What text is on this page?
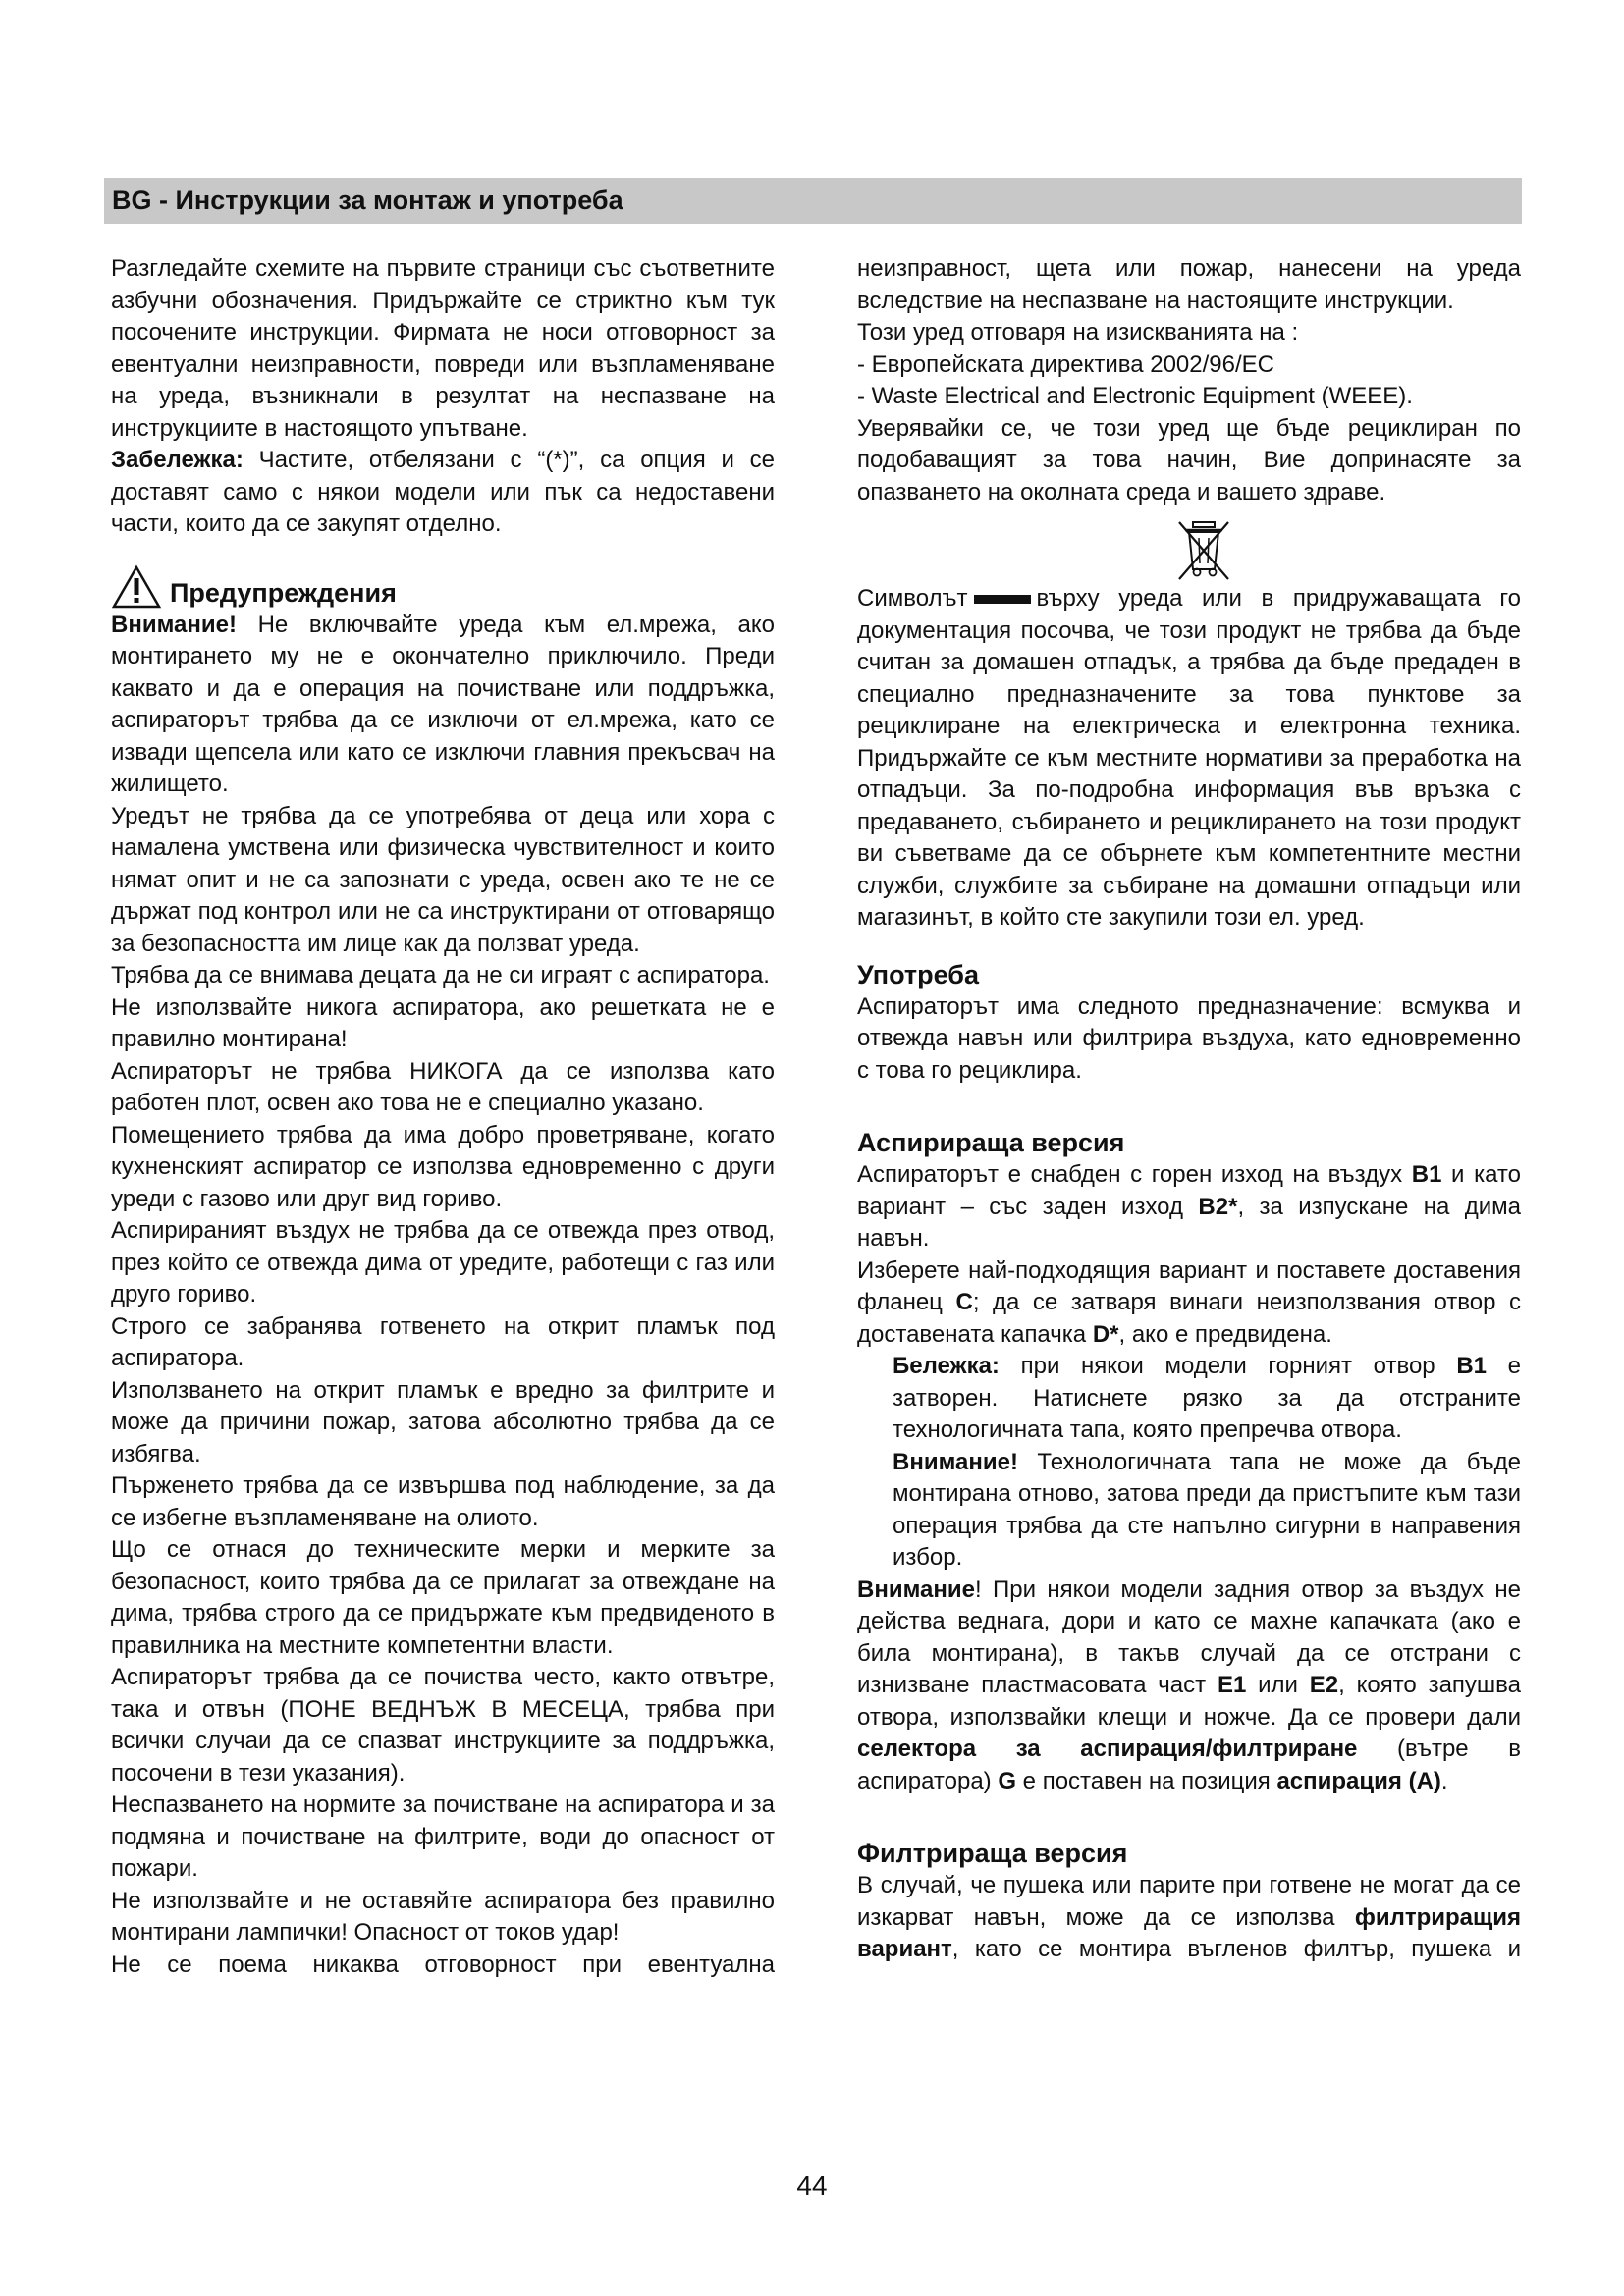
BG - Инструкции за монтаж и употреба

Разгледайте схемите на първите страници със съответните азбучни обозначения. Придържайте се стриктно към тук посочените инструкции. Фирмата не носи отговорност за евентуални неизправности, повреди или възпламеняване на уреда, възникнали в резултат на неспазване на инструкциите в настоящото упътване.

Забележка: Частите, отбелязани с “(*)”, са опция и се доставят само с някои модели или пък са недоставени части, които да се закупят отделно.

Предупреждения

Внимание! Не включвайте уреда към ел.мрежа, ако монтирането му не е окончателно приключило. Преди каквато и да е операция на почистване или поддръжка, аспираторът трябва да се изключи от ел.мрежа, като се извади щепсела или като се изключи главния прекъсвач на жилището.

Уредът не трябва да се употребява от деца или хора с намалена умствена или физическа чувствителност и които нямат опит и не са запознати с уреда, освен ако те не се държат под контрол или не са инструктирани от отговарящо за безопасността им лице как да ползват уреда.

Трябва да се внимава децата да не си играят с аспиратора.

Не използвайте никога аспиратора, ако решетката не е правилно монтирана!

Аспираторът не трябва НИКОГА да се използва като работен плот, освен ако това не е специално указано.

Помещението трябва да има добро проветряване, когато кухненският аспиратор се използва едновременно с други уреди с газово или друг вид гориво.

Аспирираният въздух не трябва да се отвежда през отвод, през който се отвежда дима от уредите, работещи с газ или друго гориво.

Строго се забранява готвенето на открит пламък под аспиратора.

Използването на открит пламък е вредно за филтрите и може да причини пожар, затова абсолютно трябва да се избягва.

Пърженето трябва да се извършва под наблюдение, за да се избегне възпламеняване на олиото.

Що се отнася до техническите мерки и мерките за безопасност, които трябва да се прилагат за отвеждане на дима, трябва строго да се придържате към предвиденото в правилника на местните компетентни власти.

Аспираторът трябва да се почиства често, както отвътре, така и отвън (ПОНЕ ВЕДНЪЖ В МЕСЕЦА, трябва при всички случаи да се спазват инструкциите за поддръжка, посочени в тези указания).

Неспазването на нормите за почистване на аспиратора и за подмяна и почистване на филтрите, води до опасност от пожари.

Не използвайте и не оставяйте аспиратора без правилно монтирани лампички! Опасност от токов удар!

Не се поема никаква отговорност при евентуална

неизправност, щета или пожар, нанесени на уреда вследствие на неспазване на настоящите инструкции.

Този уред отговаря на изискванията на :

- Европейската директива 2002/96/EC

- Waste Electrical and Electronic Equipment (WEEE).

Уверявайки се, че този уред ще бъде рециклиран по подобаващият за това начин, Вие допринасяте за опазването на околната среда и вашето здраве.

Символът	върху уреда или в придружаващата го документация посочва, че този продукт не трябва да бъде считан за домашен отпадък, а трябва да бъде предаден в специално предназначените за това пунктове за рециклиране на електрическа и електронна техника. Придържайте се към местните нормативи за преработка на отпадъци. За по-подробна информация във връзка с предаването, събирането и рециклирането на този продукт ви съветваме да се обърнете към компетентните местни служби, службите за събиране на домашни отпадъци или магазинът, в който сте закупили този ел. уред.

Употреба

Аспираторът има следното предназначение: всмуква и отвежда навън или филтрира въздуха, като едновременно с това го рециклира.

Аспирираща версия

Аспираторът е снабден с горен изход на въздух B1 и като вариант – със заден изход B2*, за изпускане на дима навън.

Изберете най-подходящия вариант и поставете доставения фланец C; да се затваря винаги неизползвания отвор с доставената капачка D*, ако е предвидена.

Бележка: при някои модели горният отвор B1 е затворен. Натиснете рязко за да отстраните технологичната тапа, която препречва отвора.

Внимание! Технологичната тапа не може да бъде монтирана отново, затова преди да пристъпите към тази операция трябва да сте напълно сигурни в направения избор.

Внимание! При някои модели задния отвор за въздух не действа веднага, дори и като се махне капачката (ако е била монтирана), в такъв случай да се отстрани с изнизване пластмасовата част E1 или E2, която запушва отвора, използвайки клещи и ножче. Да се провери дали селектора за аспирация/филтриране (вътре в аспиратора) G е поставен на позиция аспирация (A).

Филтрираща версия

В случай, че пушека или парите при готвене не могат да се изкарват навън, може да се използва филтриращия вариант, като се монтира въгленов филтър, пушека и

44
